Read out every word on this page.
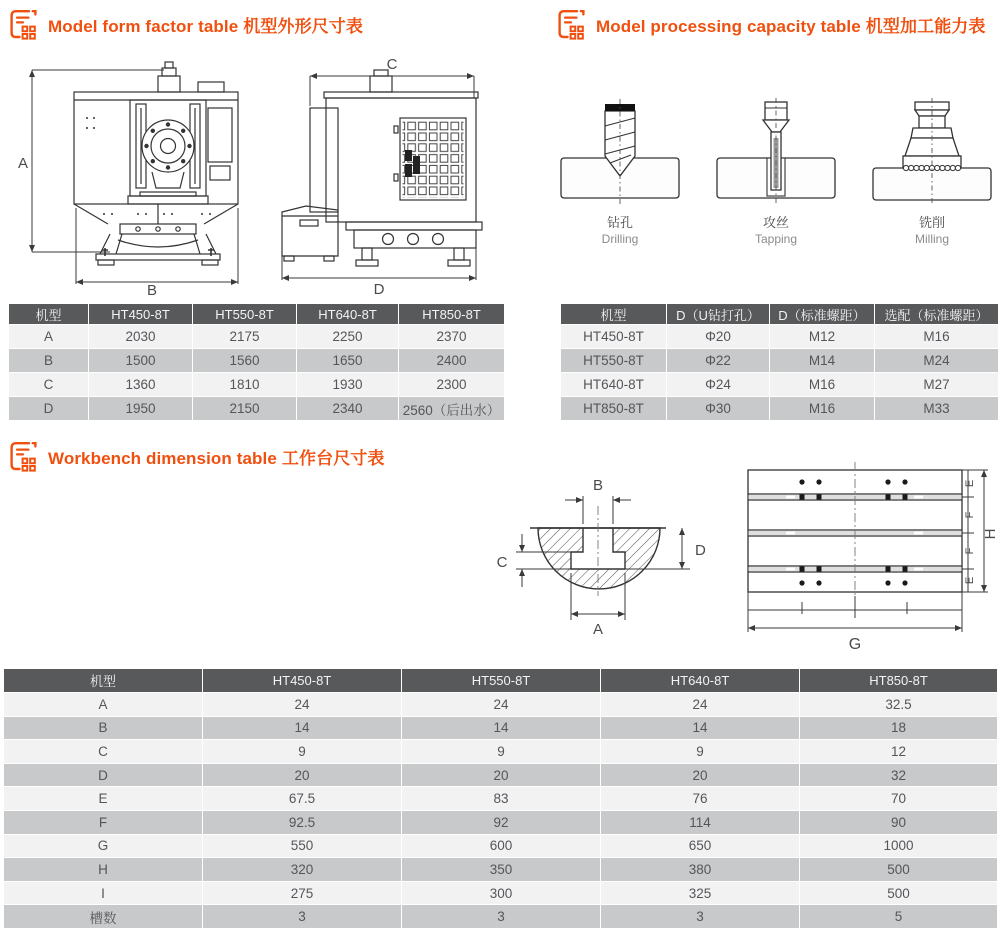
Model form factor table 机型外形尺寸表	Model processing capacity table 机型加工能力表
A
B
C
D
钻孔
Drilling
攻丝
Tapping
铣削
Milling
机型	HT450-8T	HT550-8T	HT640-8T	HT850-8T
A	2030	2175	2250	2370
B	1500	1560	1650	2400
C	1360	1810	1930	2300
D	1950	2150	2340	2560（后出水）
机型	D（U钻打孔）	D（标准螺距）	选配（标准螺距）
HT450-8T	Φ20	M12	M16
HT550-8T	Φ22	M14	M24
HT640-8T	Φ24	M16	M27
HT850-8T	Φ30	M16	M33
Workbench dimension table 工作台尺寸表
B
C
D
A
E
F
F
E
H
G
机型	HT450-8T	HT550-8T	HT640-8T	HT850-8T
A	24	24	24	32.5
B	14	14	14	18
C	9	9	9	12
D	20	20	20	32
E	67.5	83	76	70
F	92.5	92	114	90
G	550	600	650	1000
H	320	350	380	500
I	275	300	325	500
槽数	3	3	3	5
